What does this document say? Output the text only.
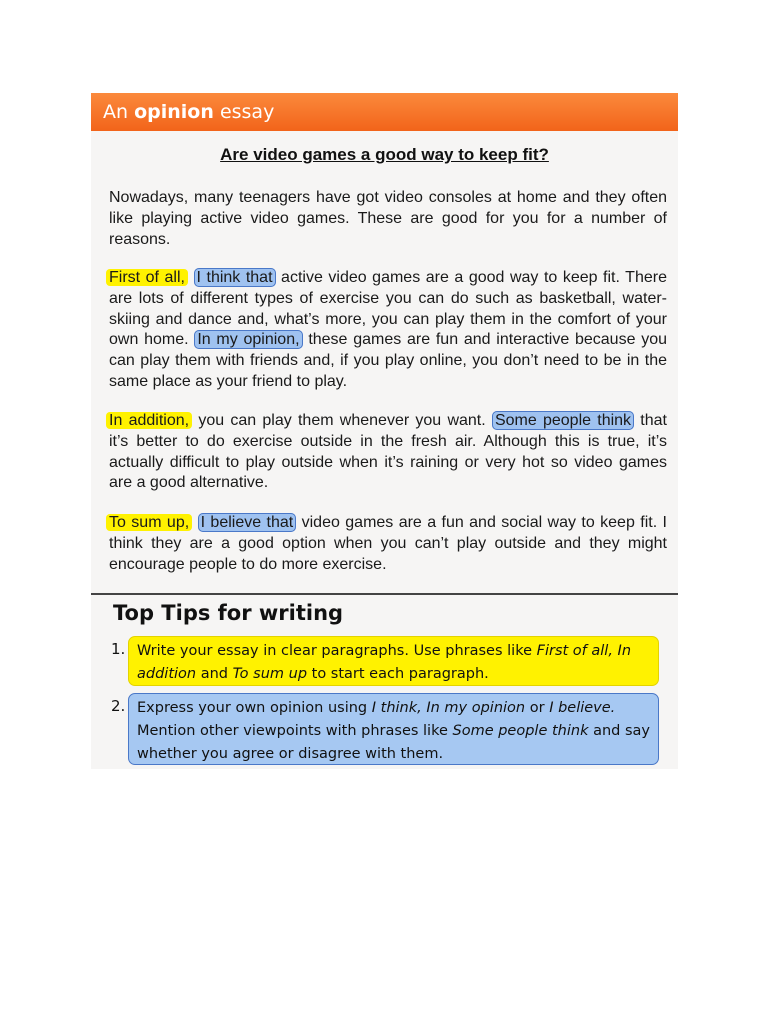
An opinion essay
Are video games a good way to keep fit?

Nowadays, many teenagers have got video consoles at home and they often like playing active video games. These are good for you for a number of reasons.

First of all, I think that active video games are a good way to keep fit. There are lots of different types of exercise you can do such as basketball, water-skiing and dance and, what’s more, you can play them in the comfort of your own home. In my opinion, these games are fun and interactive because you can play them with friends and, if you play online, you don’t need to be in the same place as your friend to play.

In addition, you can play them whenever you want. Some people think that it’s better to do exercise outside in the fresh air. Although this is true, it’s actually difficult to play outside when it’s raining or very hot so video games are a good alternative.

To sum up, I believe that video games are a fun and social way to keep fit. I think they are a good option when you can’t play outside and they might encourage people to do more exercise.

Top Tips for writing
1. Write your essay in clear paragraphs. Use phrases like First of all, In addition and To sum up to start each paragraph.
2. Express your own opinion using I think, In my opinion or I believe. Mention other viewpoints with phrases like Some people think and say whether you agree or disagree with them.
